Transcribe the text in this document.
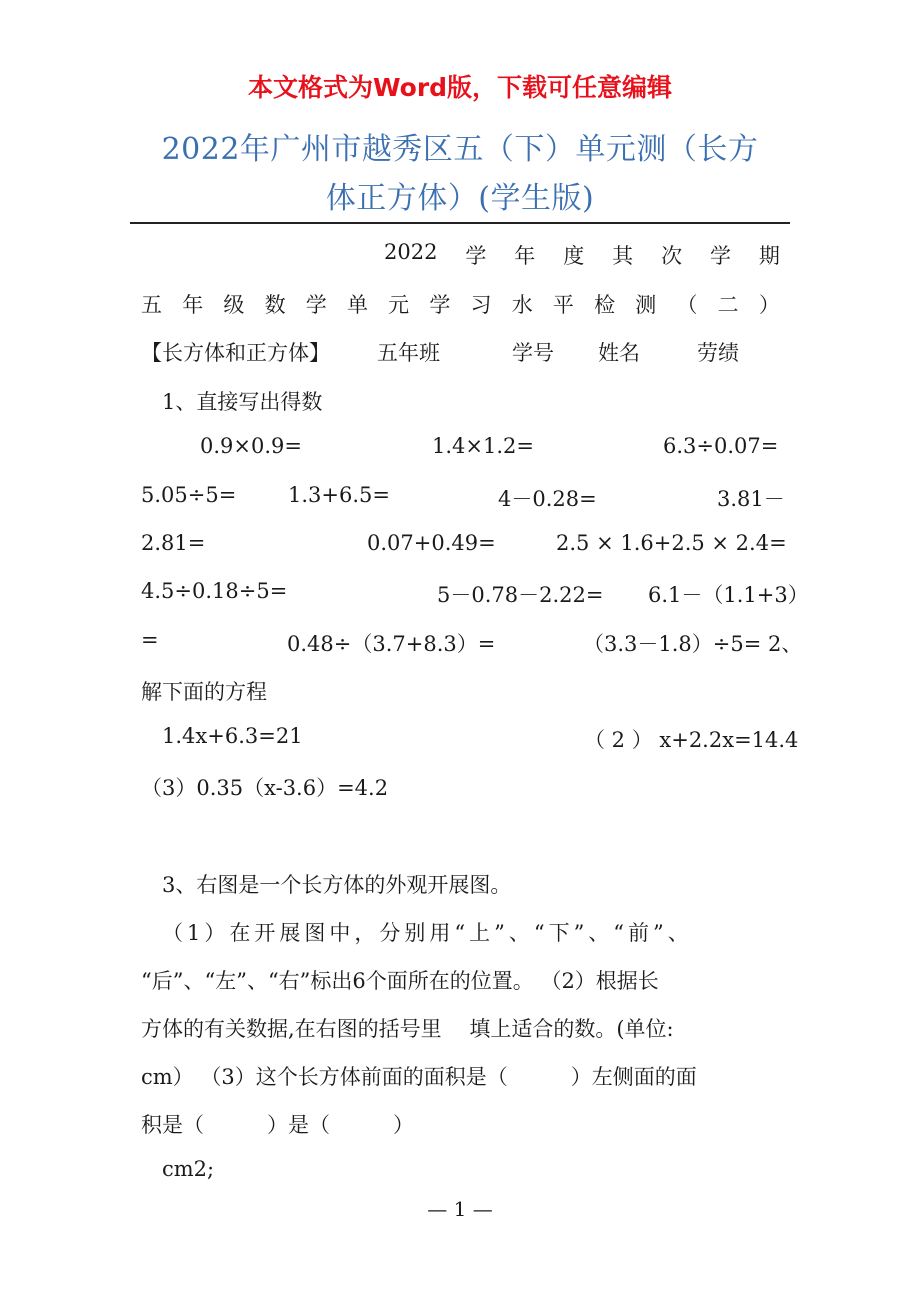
本文格式为Word版，下载可任意编辑
2022年广州市越秀区五（下）单元测（长方
体正方体）(学生版)
2022 学 年 度 其 次 学 期
五 年 级 数 学 单 元 学 习 水 平 检 测 （ 二 ）
【长方体和正方体】 五年班	学号 姓名	劳绩
1、直接写出得数
0.9×0.9=	1.4×1.2=	6.3÷0.07=
5.05÷5= 1.3+6.5=	4－0.28=	3.81－
2.81=	0.07+0.49=	2.5 × 1.6+2.5 × 2.4=
4.5÷0.18÷5=	5－0.78－2.22= 6.1－（1.1+3）
=	0.48÷（3.7+8.3）=	（3.3－1.8）÷5= 2、
解下面的方程
1.4x+6.3=21	（ 2 ） x+2.2x=14.4
（3）0.35（x-3.6）=4.2
3、右图是一个长方体的外观开展图。
（1）在开展图中，分别用“上”、“下”、“前”、
“后”、“左”、“右”标出6个面所在的位置。 （2）根据长
方体的有关数据,在右图的括号里　 填上适合的数。(单位:
cm） （3）这个长方体前面的面积是（　　　）左侧面的面
积是（　　　）是（　　　）
cm2;
— 1 —
